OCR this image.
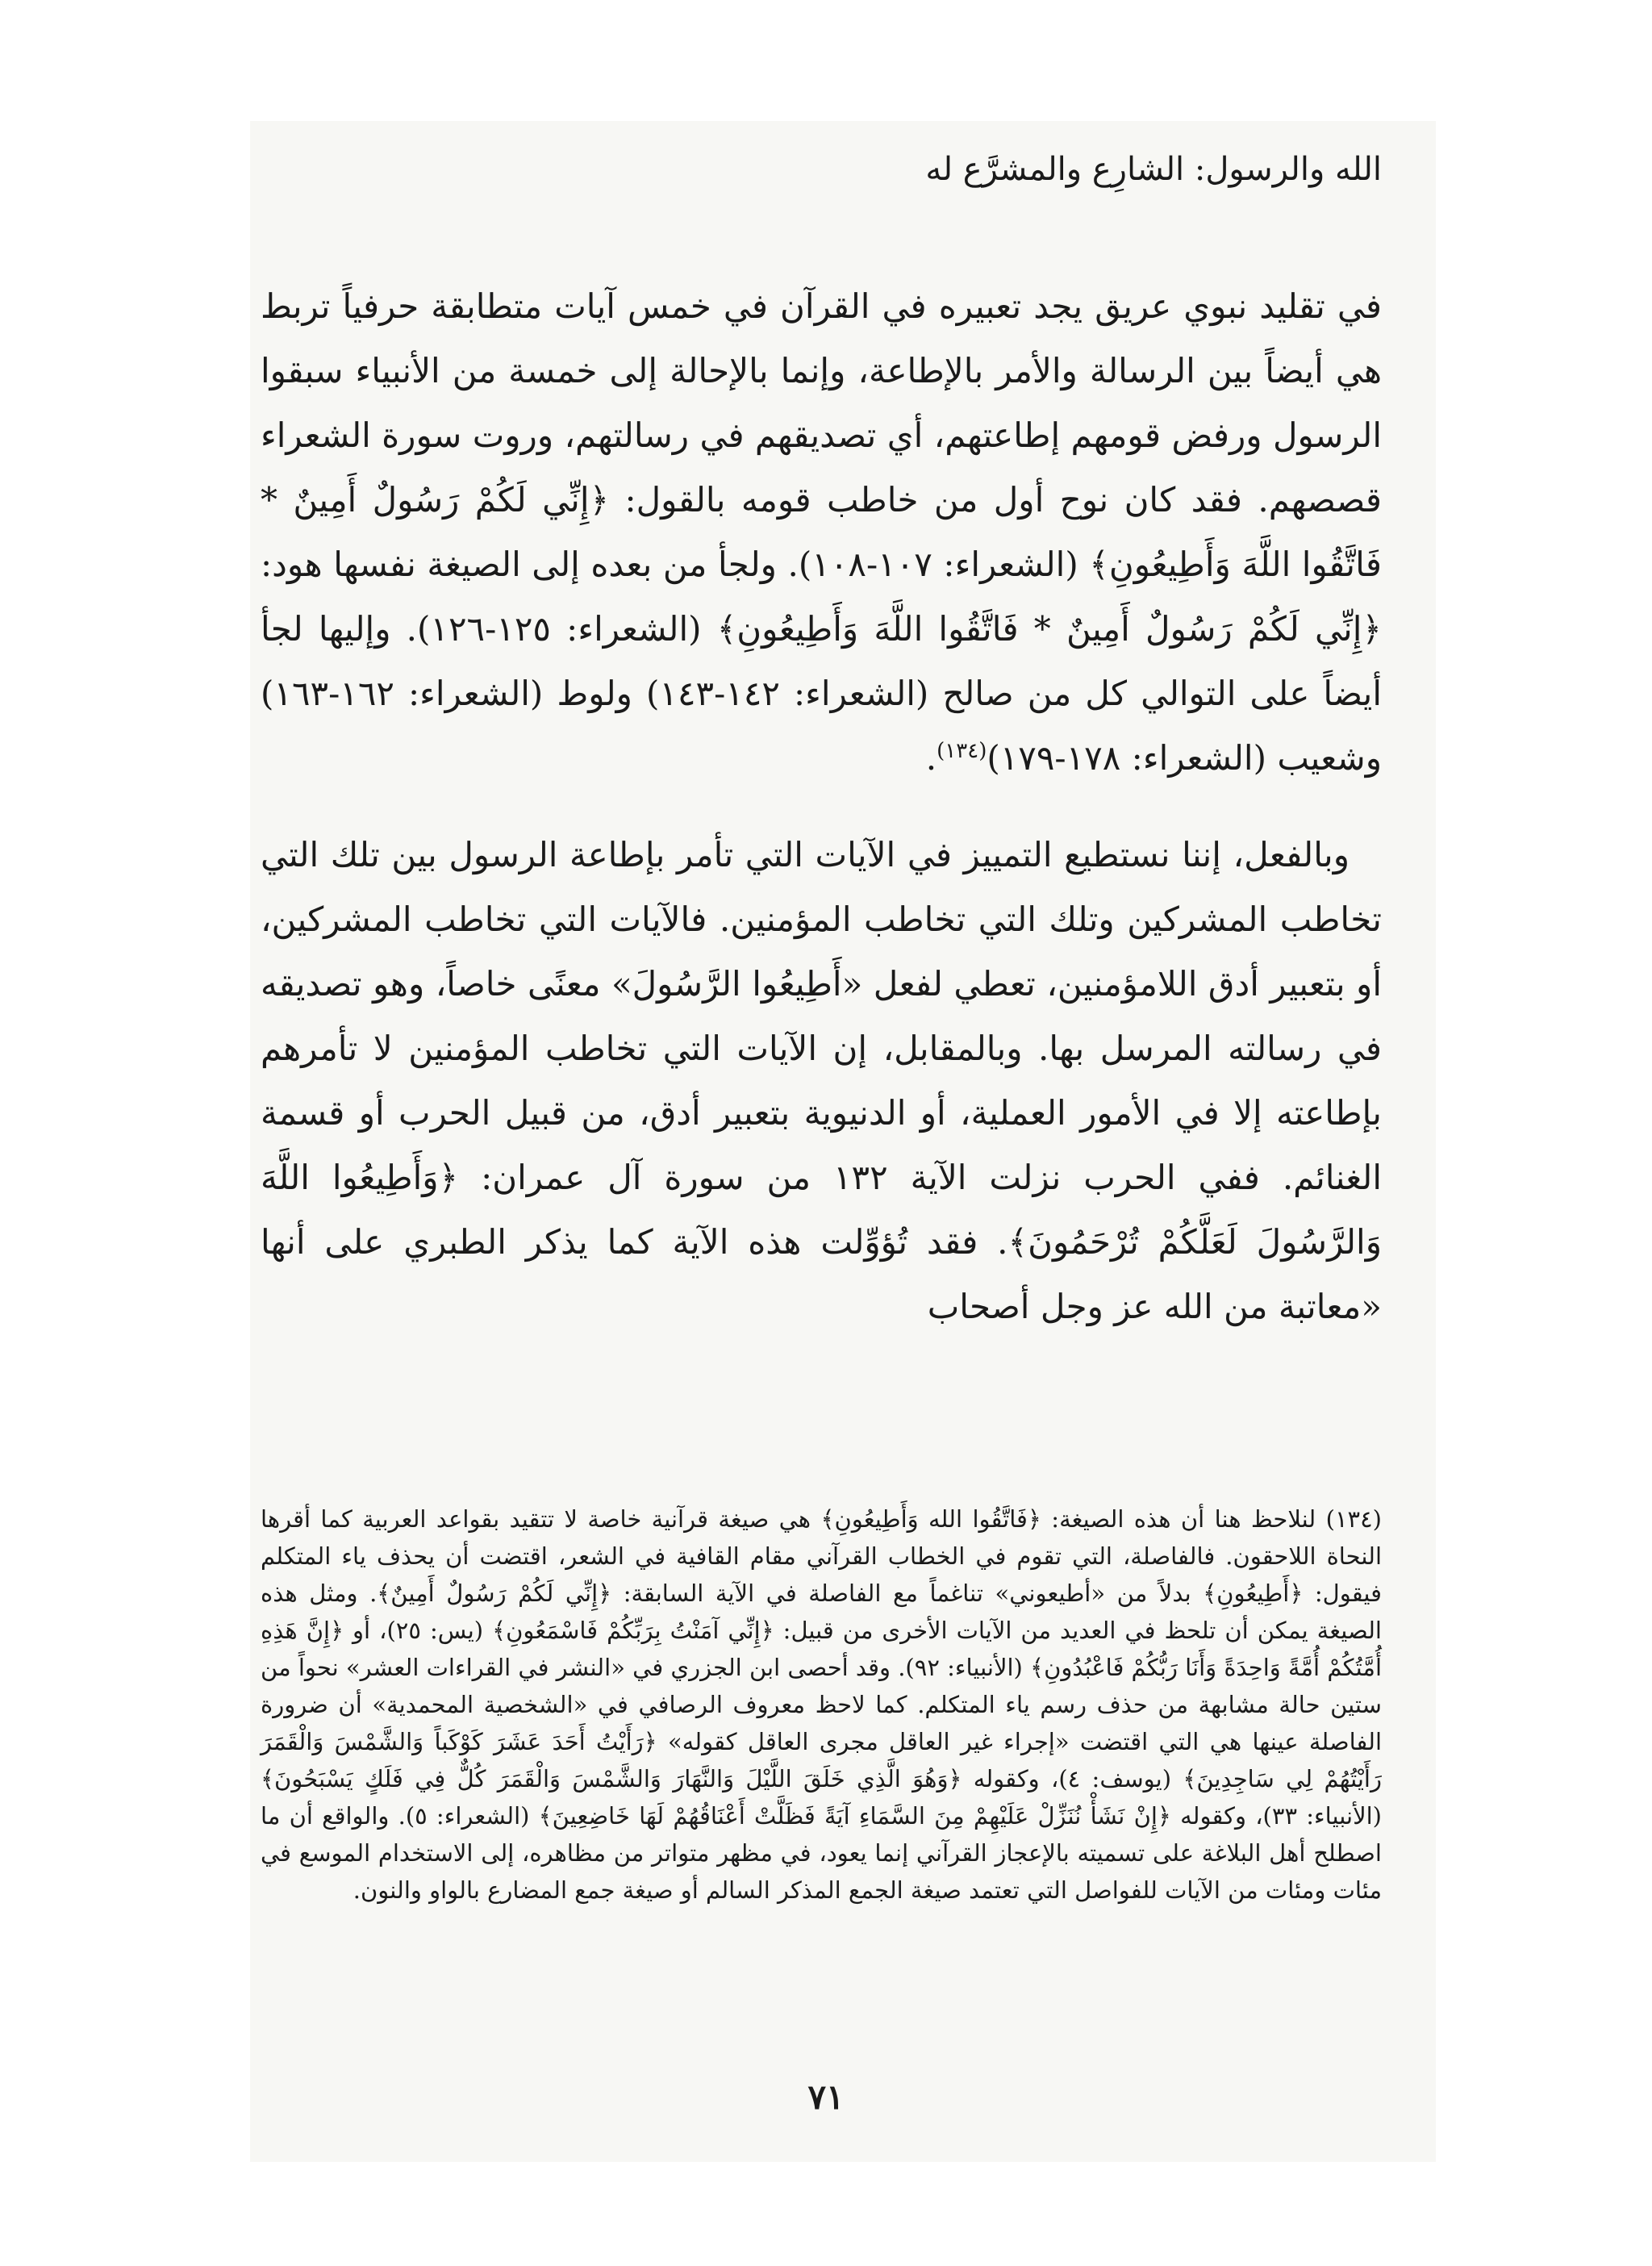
الله والرسول: الشارِع والمشرَّع له

في تقليد نبوي عريق يجد تعبيره في القرآن في خمس آيات متطابقة حرفياً تربط هي أيضاً بين الرسالة والأمر بالإطاعة، وإنما بالإحالة إلى خمسة من الأنبياء سبقوا الرسول ورفض قومهم إطاعتهم، أي تصديقهم في رسالتهم، وروت سورة الشعراء قصصهم. فقد كان نوح أول من خاطب قومه بالقول: ﴿إِنِّي لَكُمْ رَسُولٌ أَمِينٌ * فَاتَّقُوا اللَّهَ وَأَطِيعُونِ﴾ (الشعراء: ١٠٧-١٠٨). ولجأ من بعده إلى الصيغة نفسها هود: ﴿إِنِّي لَكُمْ رَسُولٌ أَمِينٌ * فَاتَّقُوا اللَّهَ وَأَطِيعُونِ﴾ (الشعراء: ١٢٥-١٢٦). وإليها لجأ أيضاً على التوالي كل من صالح (الشعراء: ١٤٢-١٤٣) ولوط (الشعراء: ١٦٢-١٦٣) وشعيب (الشعراء: ١٧٨-١٧٩)$^{(١٣٤)}$.

وبالفعل، إننا نستطيع التمييز في الآيات التي تأمر بإطاعة الرسول بين تلك التي تخاطب المشركين وتلك التي تخاطب المؤمنين. فالآيات التي تخاطب المشركين، أو بتعبير أدق اللامؤمنين، تعطي لفعل «أَطِيعُوا الرَّسُولَ» معنًى خاصاً، وهو تصديقه في رسالته المرسل بها. وبالمقابل، إن الآيات التي تخاطب المؤمنين لا تأمرهم بإطاعته إلا في الأمور العملية، أو الدنيوية بتعبير أدق، من قبيل الحرب أو قسمة الغنائم. ففي الحرب نزلت الآية ١٣٢ من سورة آل عمران: ﴿وَأَطِيعُوا اللَّهَ وَالرَّسُولَ لَعَلَّكُمْ تُرْحَمُونَ﴾. فقد تُؤوِّلت هذه الآية كما يذكر الطبري على أنها «معاتبة من الله عز وجل أصحاب

(١٣٤) لنلاحظ هنا أن هذه الصيغة: ﴿فَاتَّقُوا الله وَأَطِيعُونِ﴾ هي صيغة قرآنية خاصة لا تتقيد بقواعد العربية كما أقرها النحاة اللاحقون. فالفاصلة، التي تقوم في الخطاب القرآني مقام القافية في الشعر، اقتضت أن يحذف ياء المتكلم فيقول: ﴿أَطِيعُونِ﴾ بدلاً من «أطيعوني» تناغماً مع الفاصلة في الآية السابقة: ﴿إِنِّي لَكُمْ رَسُولٌ أَمِينٌ﴾. ومثل هذه الصيغة يمكن أن تلحظ في العديد من الآيات الأخرى من قبيل: ﴿إِنِّي آمَنْتُ بِرَبِّكُمْ فَاسْمَعُونِ﴾ (يس: ٢٥)، أو ﴿إِنَّ هَذِهِ أُمَّتُكُمْ أُمَّةً وَاحِدَةً وَأَنَا رَبُّكُمْ فَاعْبُدُونِ﴾ (الأنبياء: ٩٢). وقد أحصى ابن الجزري في «النشر في القراءات العشر» نحواً من ستين حالة مشابهة من حذف رسم ياء المتكلم. كما لاحظ معروف الرصافي في «الشخصية المحمدية» أن ضرورة الفاصلة عينها هي التي اقتضت «إجراء غير العاقل مجرى العاقل كقوله» ﴿رَأَيْتُ أَحَدَ عَشَرَ كَوْكَباً وَالشَّمْسَ وَالْقَمَرَ رَأَيْتُهُمْ لِي سَاجِدِينَ﴾ (يوسف: ٤)، وكقوله ﴿وَهُوَ الَّذِي خَلَقَ اللَّيْلَ وَالنَّهَارَ وَالشَّمْسَ وَالْقَمَرَ كُلٌّ فِي فَلَكٍ يَسْبَحُونَ﴾ (الأنبياء: ٣٣)، وكقوله ﴿إِنْ نَشَأْ نُنَزِّلْ عَلَيْهِمْ مِنَ السَّمَاءِ آيَةً فَظَلَّتْ أَعْنَاقُهُمْ لَهَا خَاضِعِينَ﴾ (الشعراء: ٥). والواقع أن ما اصطلح أهل البلاغة على تسميته بالإعجاز القرآني إنما يعود، في مظهر متواتر من مظاهره، إلى الاستخدام الموسع في مئات ومئات من الآيات للفواصل التي تعتمد صيغة الجمع المذكر السالم أو صيغة جمع المضارع بالواو والنون.

٧١
